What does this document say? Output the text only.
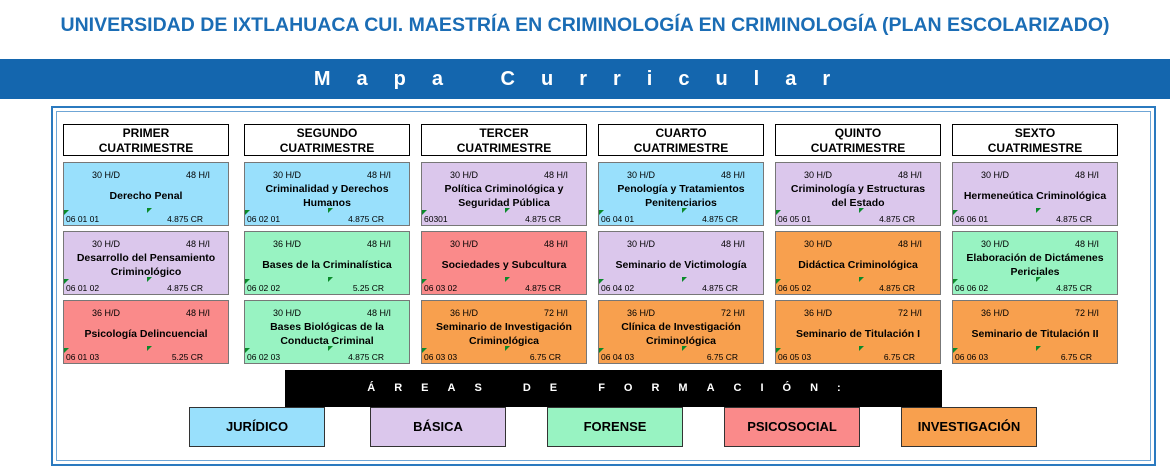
UNIVERSIDAD DE IXTLAHUACA CUI. MAESTRÍA EN CRIMINOLOGÍA EN CRIMINOLOGÍA (PLAN ESCOLARIZADO)
Mapa Curricular
PRIMER
CUATRIMESTRE
SEGUNDO
CUATRIMESTRE
TERCER
CUATRIMESTRE
CUARTO
CUATRIMESTRE
QUINTO
CUATRIMESTRE
SEXTO
CUATRIMESTRE
30 H/D	48 H/I
Derecho Penal
06 01 01	4.875 CR
30 H/D	48 H/I
Desarrollo del Pensamiento Criminológico
06 01 02	4.875 CR
36 H/D	48 H/I
Psicología Delincuencial
06 01 03	5.25 CR
30 H/D	48 H/I
Criminalidad y Derechos Humanos
06 02 01	4.875 CR
36 H/D	48 H/I
Bases de la Criminalística
06 02 02	5.25 CR
30 H/D	48 H/I
Bases Biológicas de la Conducta Criminal
06 02 03	4.875 CR
30 H/D	48 H/I
Política Criminológica y Seguridad Pública
60301	4.875 CR
30 H/D	48 H/I
Sociedades y Subcultura
06 03 02	4.875 CR
36 H/D	72 H/I
Seminario de Investigación Criminológica
06 03 03	6.75 CR
30 H/D	48 H/I
Penología y Tratamientos Penitenciarios
06 04 01	4.875 CR
30 H/D	48 H/I
Seminario de Victimología
06 04 02	4.875 CR
36 H/D	72 H/I
Clínica de Investigación Criminológica
06 04 03	6.75 CR
30 H/D	48 H/I
Criminología y Estructuras del Estado
06 05 01	4.875 CR
30 H/D	48 H/I
Didáctica Criminológica
06 05 02	4.875 CR
36 H/D	72 H/I
Seminario de Titulación I
06 05 03	6.75 CR
30 H/D	48 H/I
Hermeneútica Criminológica
06 06 01	4.875 CR
30 H/D	48 H/I
Elaboración de Dictámenes Periciales
06 06 02	4.875 CR
36 H/D	72 H/I
Seminario de Titulación II
06 06 03	6.75 CR
ÁREAS DE FORMACIÓN:
JURÍDICO	BÁSICA	FORENSE	PSICOSOCIAL	INVESTIGACIÓN
